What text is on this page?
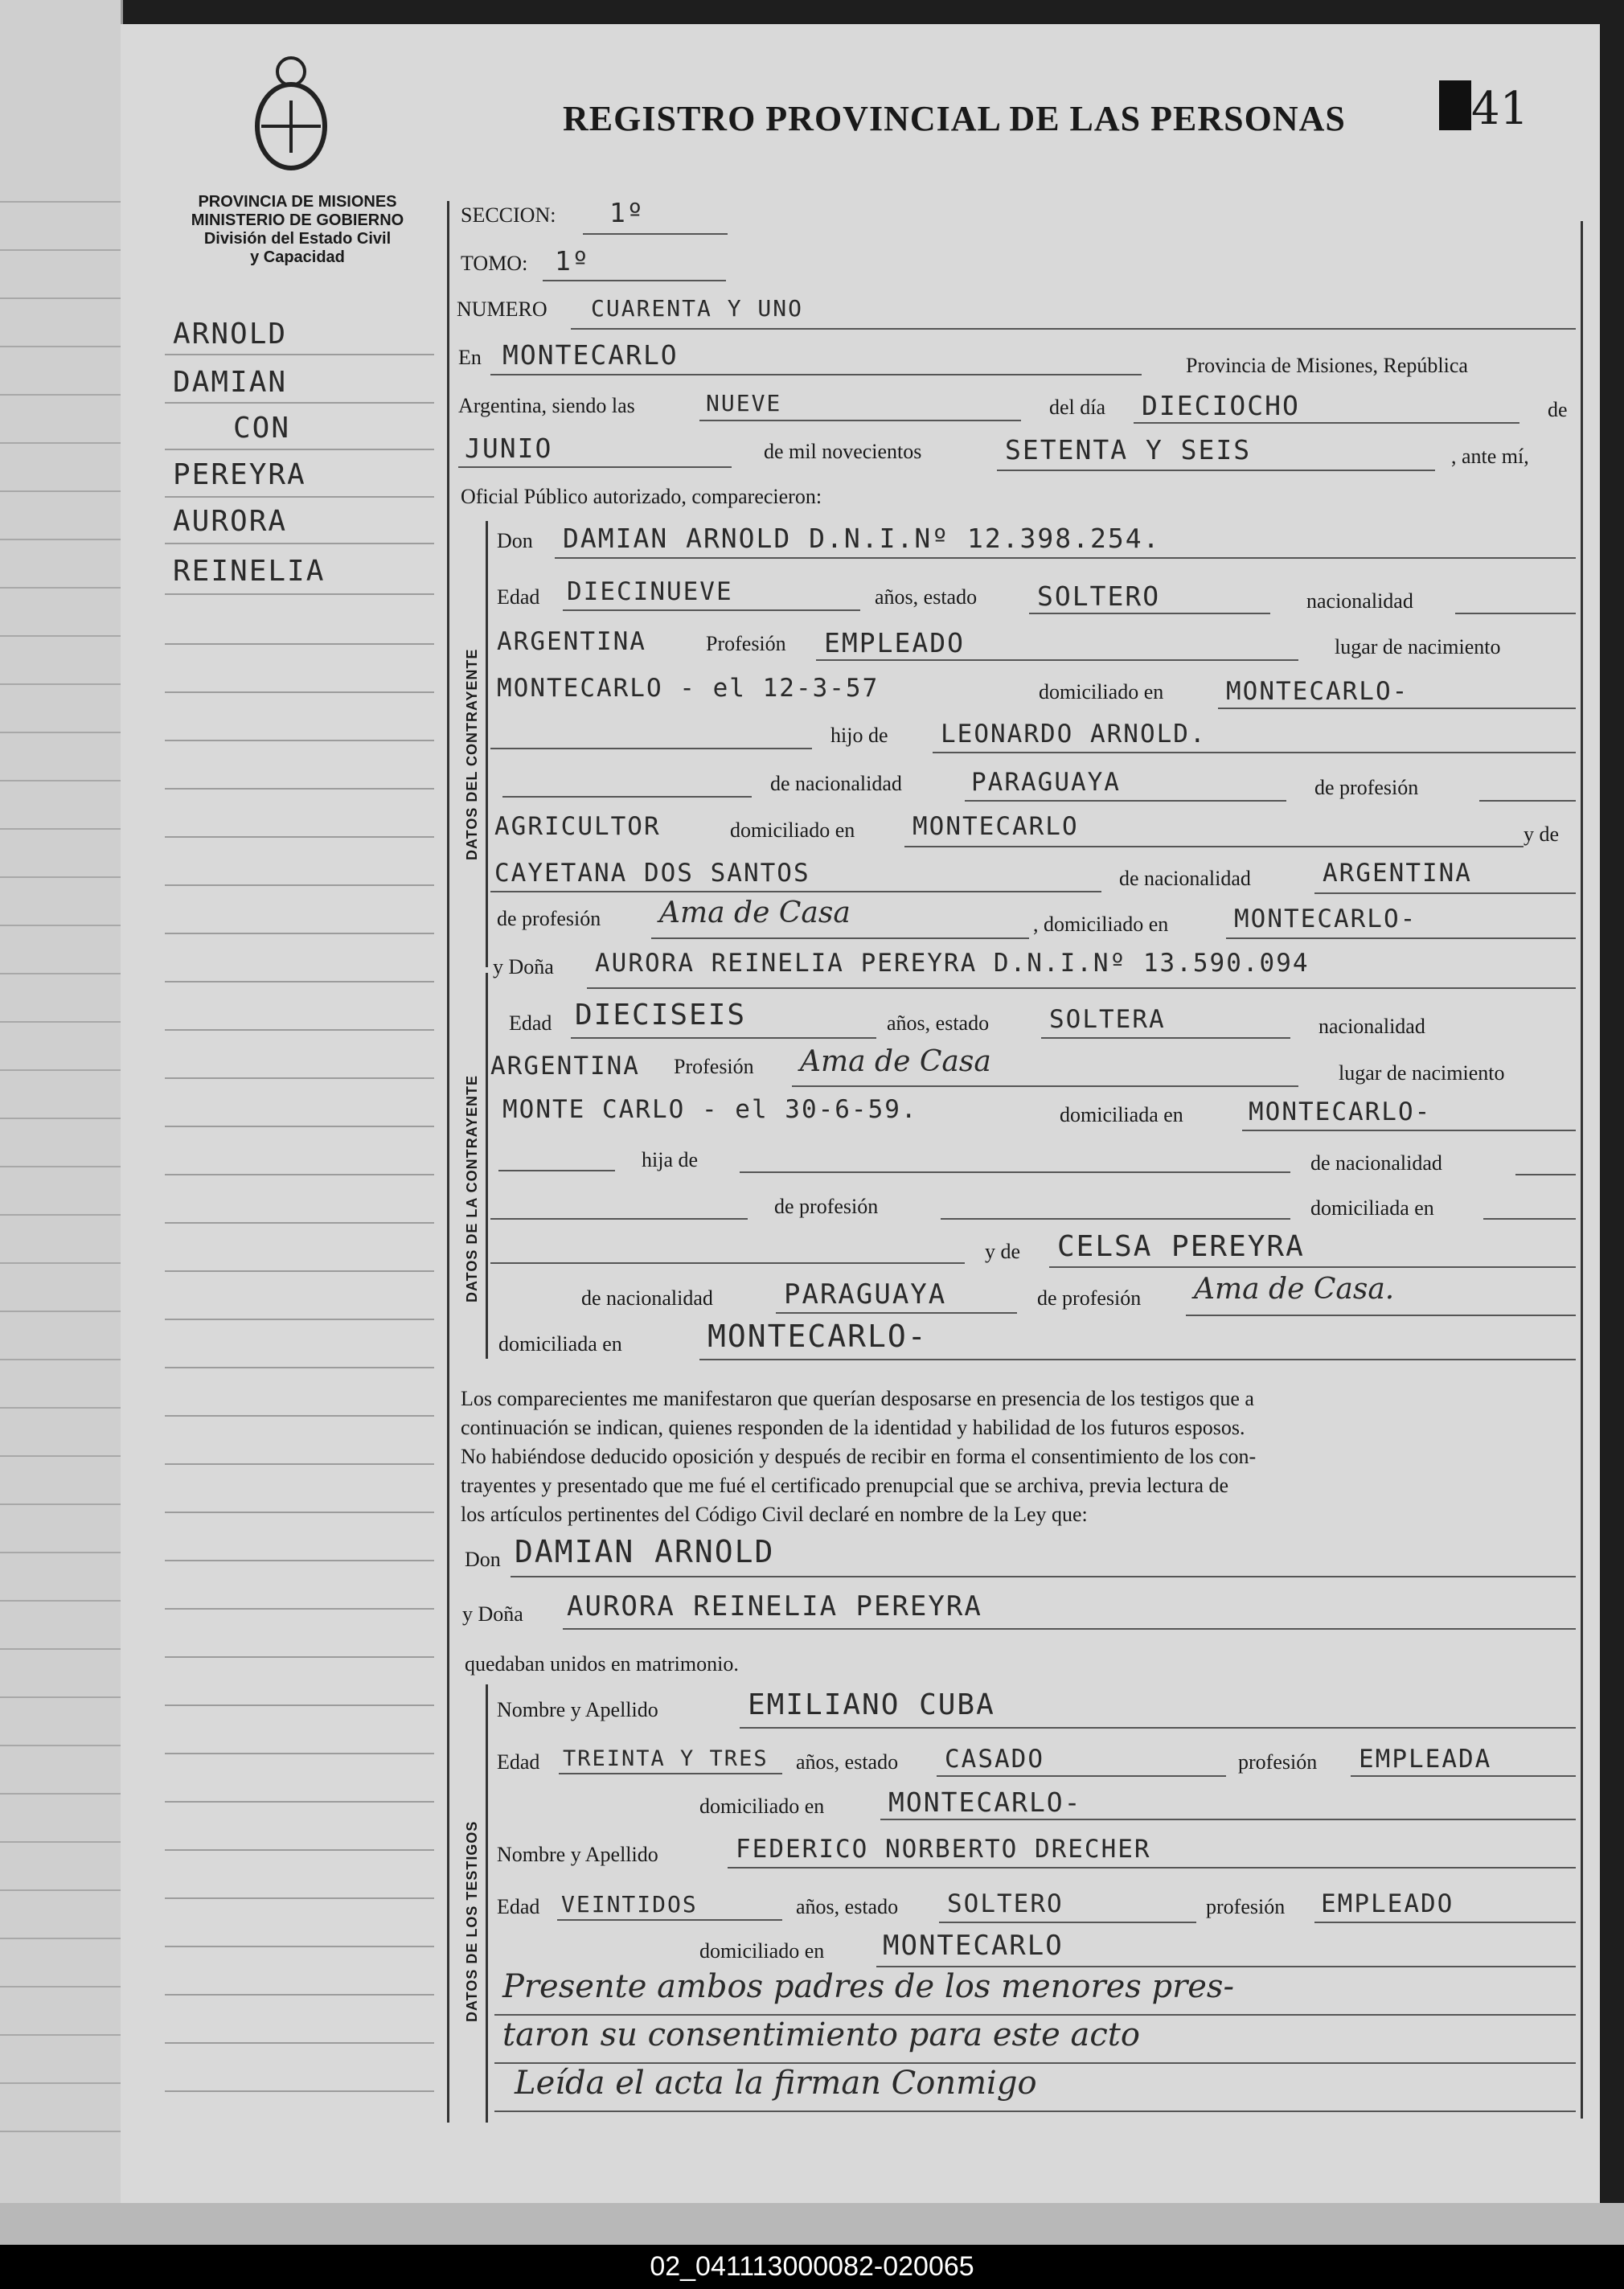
PROVINCIA DE MISIONES
MINISTERIO DE GOBIERNO
División del Estado Civil
y Capacidad
REGISTRO PROVINCIAL DE LAS PERSONAS	41
ARNOLD
DAMIAN
CON
PEREYRA
AURORA
REINELIA
DATOS DEL CONTRAYENTE
DATOS DE LA CONTRAYENTE
DATOS DE LOS TESTIGOS
SECCION: 1º
TOMO: 1º
NUMERO CUARENTA Y UNO
En MONTECARLO	Provincia de Misiones, República
Argentina, siendo las	NUEVE	del día DIECIOCHO	de
JUNIO	de mil novecientos	SETENTA Y SEIS	, ante mí,
Oficial Público autorizado, comparecieron:
Don DAMIAN ARNOLD D.N.I.Nº 12.398.254.
Edad DIECINUEVE	años, estado SOLTERO	nacionalidad
ARGENTINA	Profesión EMPLEADO	lugar de nacimiento
MONTECARLO - el 12-3-57	domiciliado en	MONTECARLO-
hijo de LEONARDO ARNOLD.
de nacionalidad	PARAGUAYA	de profesión
AGRICULTOR	domiciliado en MONTECARLO	y de
CAYETANA DOS SANTOS	de nacionalidad	ARGENTINA
de profesión Ama de Casa	, domiciliado en	MONTECARLO-
y Doña AURORA REINELIA PEREYRA D.N.I.Nº 13.590.094
Edad DIECISEIS	años, estado SOLTERA	nacionalidad
ARGENTINA Profesión Ama de Casa	lugar de nacimiento
MONTE CARLO - el 30-6-59.	domiciliada en	MONTECARLO-
hija de	de nacionalidad
de profesión	domiciliada en
y de CELSA PEREYRA
de nacionalidad	PARAGUAYA	de profesión Ama de Casa.
domiciliada en	MONTECARLO-
Los comparecientes me manifestaron que querían desposarse en presencia de los testigos que a
continuación se indican, quienes responden de la identidad y habilidad de los futuros esposos.
No habiéndose deducido oposición y después de recibir en forma el consentimiento de los con-
trayentes y presentado que me fué el certificado prenupcial que se archiva, previa lectura de
los artículos pertinentes del Código Civil declaré en nombre de la Ley que:
Don DAMIAN ARNOLD
y Doña AURORA REINELIA PEREYRA
quedaban unidos en matrimonio.
Nombre y Apellido	EMILIANO CUBA
Edad TREINTA Y TRES años, estado CASADO	profesión EMPLEADA
domiciliado en MONTECARLO-
Nombre y Apellido	FEDERICO NORBERTO DRECHER
Edad VEINTIDOS	años, estado SOLTERO	profesión EMPLEADO
domiciliado en MONTECARLO
Presente ambos padres de los menores pres-
taron su consentimiento para este acto
Leída el acta la firman Conmigo
02_041113000082-020065
